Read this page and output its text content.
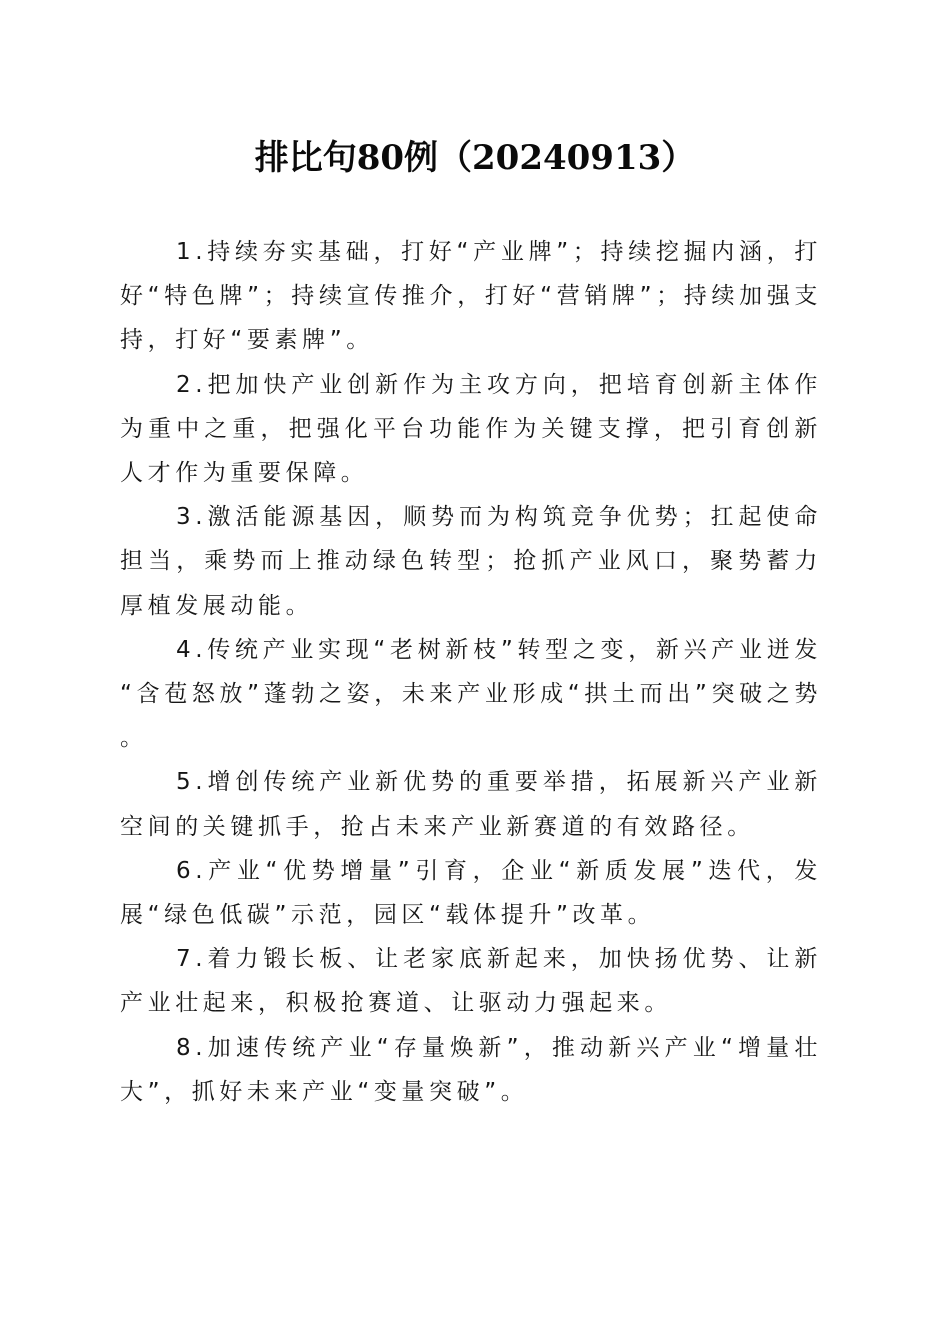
排比句80例（20240913）

1.持续夯实基础，打好“产业牌”；持续挖掘内涵，打好“特色牌”；持续宣传推介，打好“营销牌”；持续加强支持，打好“要素牌”。

2.把加快产业创新作为主攻方向，把培育创新主体作为重中之重，把强化平台功能作为关键支撑，把引育创新人才作为重要保障。

3.激活能源基因，顺势而为构筑竞争优势；扛起使命担当，乘势而上推动绿色转型；抢抓产业风口，聚势蓄力厚植发展动能。

4.传统产业实现“老树新枝”转型之变，新兴产业迸发“含苞怒放”蓬勃之姿，未来产业形成“拱土而出”突破之势。

5.增创传统产业新优势的重要举措，拓展新兴产业新空间的关键抓手，抢占未来产业新赛道的有效路径。

6.产业“优势增量”引育，企业“新质发展”迭代，发展“绿色低碳”示范，园区“载体提升”改革。

7.着力锻长板、让老家底新起来，加快扬优势、让新产业壮起来，积极抢赛道、让驱动力强起来。

8.加速传统产业“存量焕新”，推动新兴产业“增量壮大”，抓好未来产业“变量突破”。
